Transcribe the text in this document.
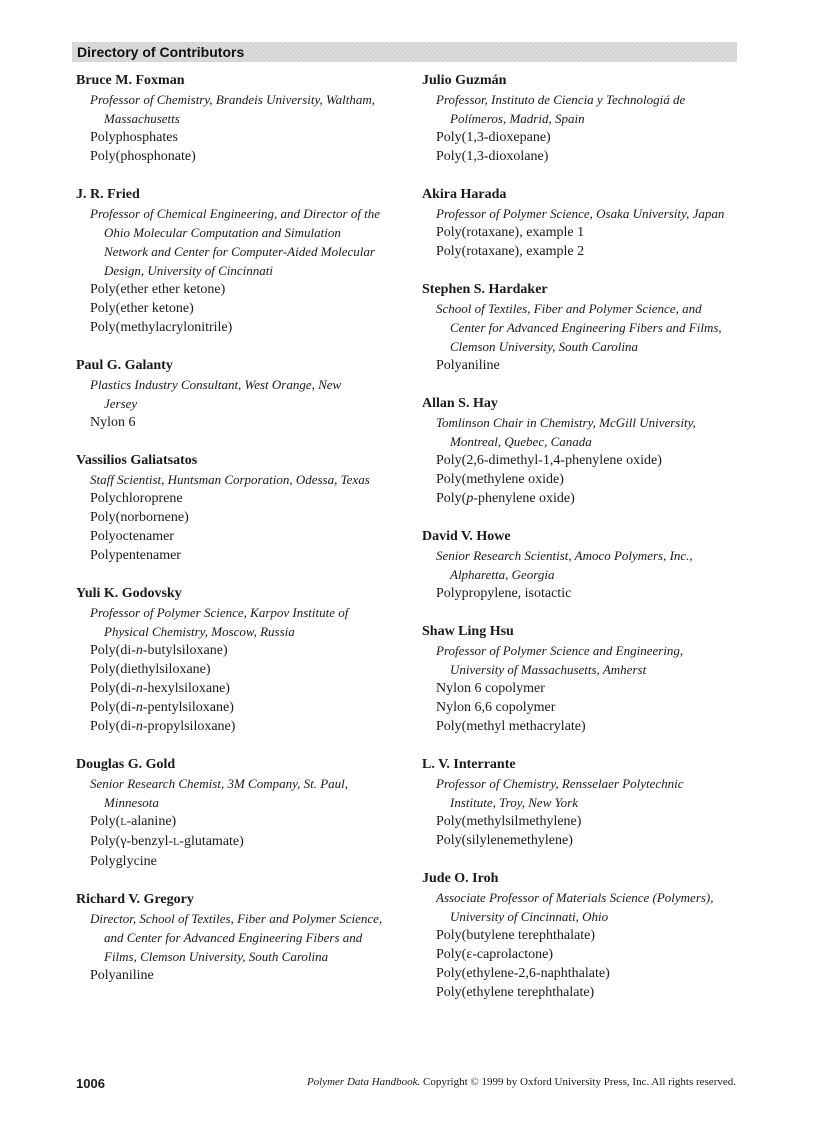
Directory of Contributors
Bruce M. Foxman
Professor of Chemistry, Brandeis University, Waltham,
Massachusetts
Polyphosphates
Poly(phosphonate)
J. R. Fried
Professor of Chemical Engineering, and Director of the
Ohio Molecular Computation and Simulation
Network and Center for Computer-Aided Molecular
Design, University of Cincinnati
Poly(ether ether ketone)
Poly(ether ketone)
Poly(methylacrylonitrile)
Paul G. Galanty
Plastics Industry Consultant, West Orange, New
Jersey
Nylon 6
Vassilios Galiatsatos
Staff Scientist, Huntsman Corporation, Odessa, Texas
Polychloroprene
Poly(norbornene)
Polyoctenamer
Polypentenamer
Yuli K. Godovsky
Professor of Polymer Science, Karpov Institute of
Physical Chemistry, Moscow, Russia
Poly(di-n-butylsiloxane)
Poly(diethylsiloxane)
Poly(di-n-hexylsiloxane)
Poly(di-n-pentylsiloxane)
Poly(di-n-propylsiloxane)
Douglas G. Gold
Senior Research Chemist, 3M Company, St. Paul,
Minnesota
Poly(L-alanine)
Poly(γ-benzyl-L-glutamate)
Polyglycine
Richard V. Gregory
Director, School of Textiles, Fiber and Polymer Science,
and Center for Advanced Engineering Fibers and
Films, Clemson University, South Carolina
Polyaniline
Julio Guzmán
Professor, Instituto de Ciencia y Technologiá de
Polímeros, Madrid, Spain
Poly(1,3-dioxepane)
Poly(1,3-dioxolane)
Akira Harada
Professor of Polymer Science, Osaka University, Japan
Poly(rotaxane), example 1
Poly(rotaxane), example 2
Stephen S. Hardaker
School of Textiles, Fiber and Polymer Science, and
Center for Advanced Engineering Fibers and Films,
Clemson University, South Carolina
Polyaniline
Allan S. Hay
Tomlinson Chair in Chemistry, McGill University,
Montreal, Quebec, Canada
Poly(2,6-dimethyl-1,4-phenylene oxide)
Poly(methylene oxide)
Poly(p-phenylene oxide)
David V. Howe
Senior Research Scientist, Amoco Polymers, Inc.,
Alpharetta, Georgia
Polypropylene, isotactic
Shaw Ling Hsu
Professor of Polymer Science and Engineering,
University of Massachusetts, Amherst
Nylon 6 copolymer
Nylon 6,6 copolymer
Poly(methyl methacrylate)
L. V. Interrante
Professor of Chemistry, Rensselaer Polytechnic
Institute, Troy, New York
Poly(methylsilmethylene)
Poly(silylenemethylene)
Jude O. Iroh
Associate Professor of Materials Science (Polymers),
University of Cincinnati, Ohio
Poly(butylene terephthalate)
Poly(ε-caprolactone)
Poly(ethylene-2,6-naphthalate)
Poly(ethylene terephthalate)
1006	Polymer Data Handbook. Copyright © 1999 by Oxford University Press, Inc. All rights reserved.
